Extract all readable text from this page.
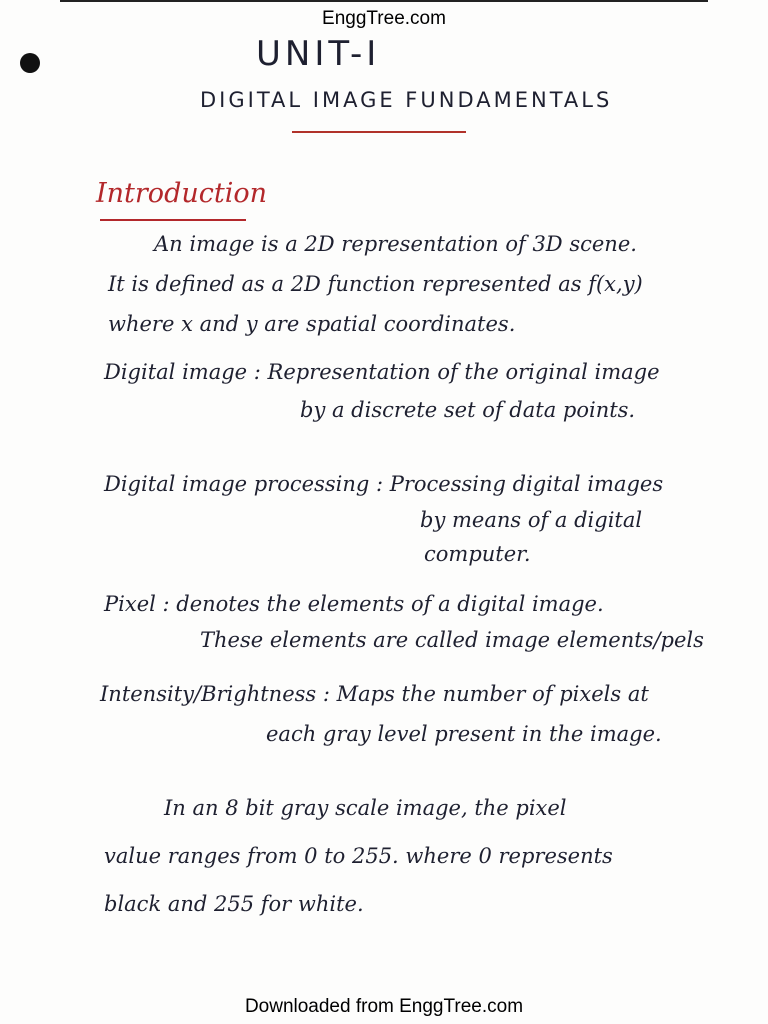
EnggTree.com
UNIT-I
DIGITAL IMAGE FUNDAMENTALS
Introduction
An image is a 2D representation of 3D scene.
It is defined as a 2D function represented as f(x,y)
where x and y are spatial coordinates.
Digital image : Representation of the original image
by a discrete set of data points.
Digital image processing : Processing digital images
by means of a digital
computer.
Pixel : denotes the elements of a digital image.
These elements are called image elements/pels
Intensity/Brightness : Maps the number of pixels at
each gray level present in the image.
In an 8 bit gray scale image, the pixel
value ranges from 0 to 255. where 0 represents
black and 255 for white.
Downloaded from EnggTree.com
